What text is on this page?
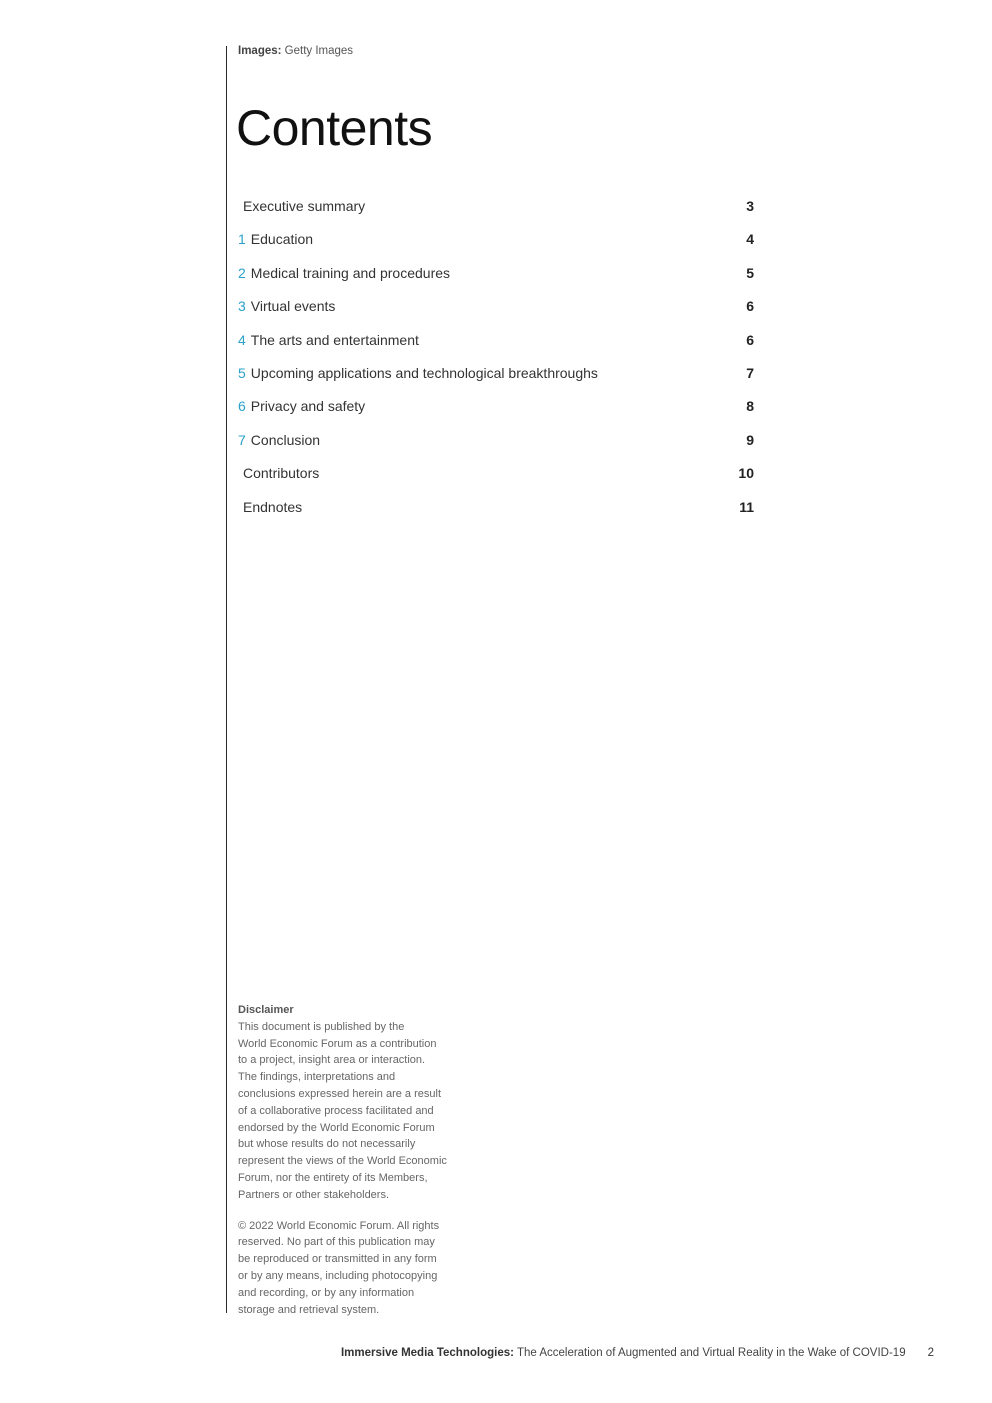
Images: Getty Images
Contents
Executive summary	3
1 Education	4
2 Medical training and procedures	5
3 Virtual events	6
4 The arts and entertainment	6
5 Upcoming applications and technological breakthroughs	7
6 Privacy and safety	8
7 Conclusion	9
Contributors	10
Endnotes	11

Disclaimer

This document is published by the
World Economic Forum as a contribution
to a project, insight area or interaction.
The findings, interpretations and
conclusions expressed herein are a result
of a collaborative process facilitated and
endorsed by the World Economic Forum
but whose results do not necessarily
represent the views of the World Economic
Forum, nor the entirety of its Members,
Partners or other stakeholders.

© 2022 World Economic Forum. All rights
reserved. No part of this publication may
be reproduced or transmitted in any form
or by any means, including photocopying
and recording, or by any information
storage and retrieval system.

Immersive Media Technologies: The Acceleration of Augmented and Virtual Reality in the Wake of COVID-19 2
